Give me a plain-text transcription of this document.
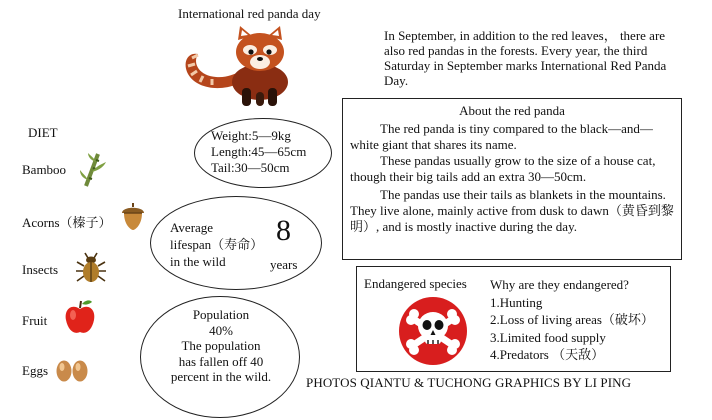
International red panda day
In September, in addition to the red leaves， there are also red pandas in the forests. Every year, the third Saturday in September marks International Red Panda Day.
DIET
Bamboo
Acorns（榛子）
Insects
Fruit
Eggs
Weight:5—9kg
Length:45—65cm
Tail:30—50cm
Average
lifespan（寿命）
in the wild
8
years
Population
40%
The population
has fallen off 40
percent in the wild.
About the red panda
The red panda is tiny compared to the black—and—white giant that shares its name.
These pandas usually grow to the size of a house cat, though their big tails add an extra 30—50cm.
The pandas use their tails as blankets in the mountains. They live alone, mainly active from dusk to dawn（黄昏到黎明）, and is mostly inactive during the day.
Endangered species Why are they endangered?
1.Hunting
2.Loss of living areas（破坏）
3.Limited food supply
4.Predators （天敌）
PHOTOS QIANTU & TUCHONG GRAPHICS BY LI PING
